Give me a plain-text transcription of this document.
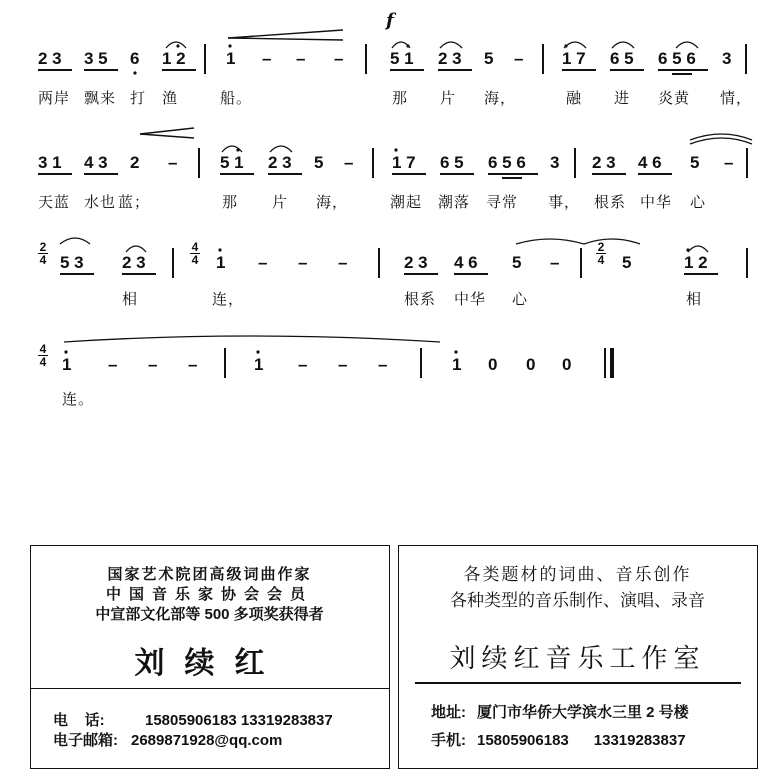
f
2 3 3 5 6 1 2 1 – – –	5 1 2 3 5 – 1 7 6 5 6 5 6 3
两岸 飘来 打 渔	船。	那 片 海，	融 进 炎黄 情，
3 1 4 3 2 –	5 1 2 3 5 – 1 7 6 5 6 5 6 3 2 3 4 6 5 –
天蓝 水也 蓝；	那 片 海，	潮起 潮落 寻常 事， 根系 中华 心
2
4 5 3 2 3
4
4 1 – – –	2 3 4 6 5 –
2
4 5	1 2
相	连，	根系 中华 心	相
4
4 1 – – –	1 – – –	1 0 0 0
连。
国家艺术院团高级词曲作家
中国音乐家协会会员
中宣部文化部等 500 多项奖获得者
刘续红
电    话:	15805906183 13319283837
电子邮箱: 2689871928@qq.com
各类题材的词曲、音乐创作
各种类型的音乐制作、演唱、录音
刘续红音乐工作室
地址: 厦门市华侨大学滨水三里 2 号楼
手机: 15805906183      13319283837
